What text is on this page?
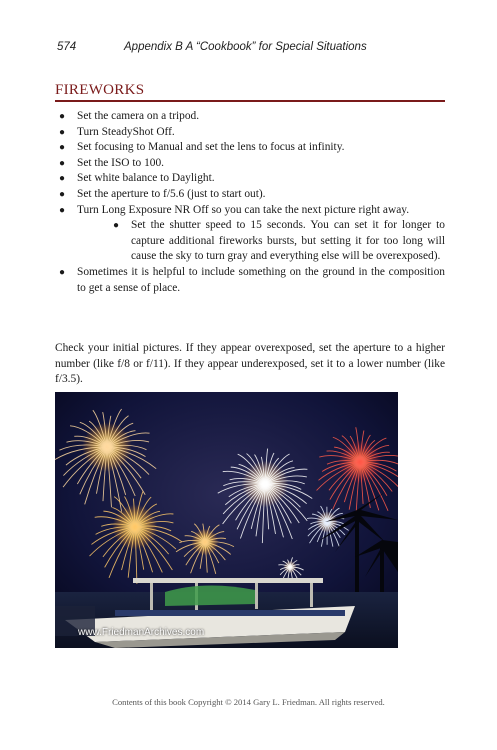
574	Appendix B A “Cookbook” for Special Situations
FIREWORKS
● Set the camera on a tripod.
● Turn SteadyShot Off.
● Set focusing to Manual and set the lens to focus at infinity.
● Set the ISO to 100.
● Set white balance to Daylight.
● Set the aperture to f/5.6 (just to start out).
● Turn Long Exposure NR Off so you can take the next picture right away.
● Set the shutter speed to 15 seconds. You can set it for longer to capture additional fireworks bursts, but setting it for too long will cause the sky to turn gray and everything else will be overexposed).
● Sometimes it is helpful to include something on the ground in the composition to get a sense of place.
Check your initial pictures. If they appear overexposed, set the aperture to a higher number (like f/8 or f/11). If they appear underexposed, set it to a lower number (like f/3.5).
www.FriedmanArchives.com
Contents of this book Copyright © 2014 Gary L. Friedman. All rights reserved.
